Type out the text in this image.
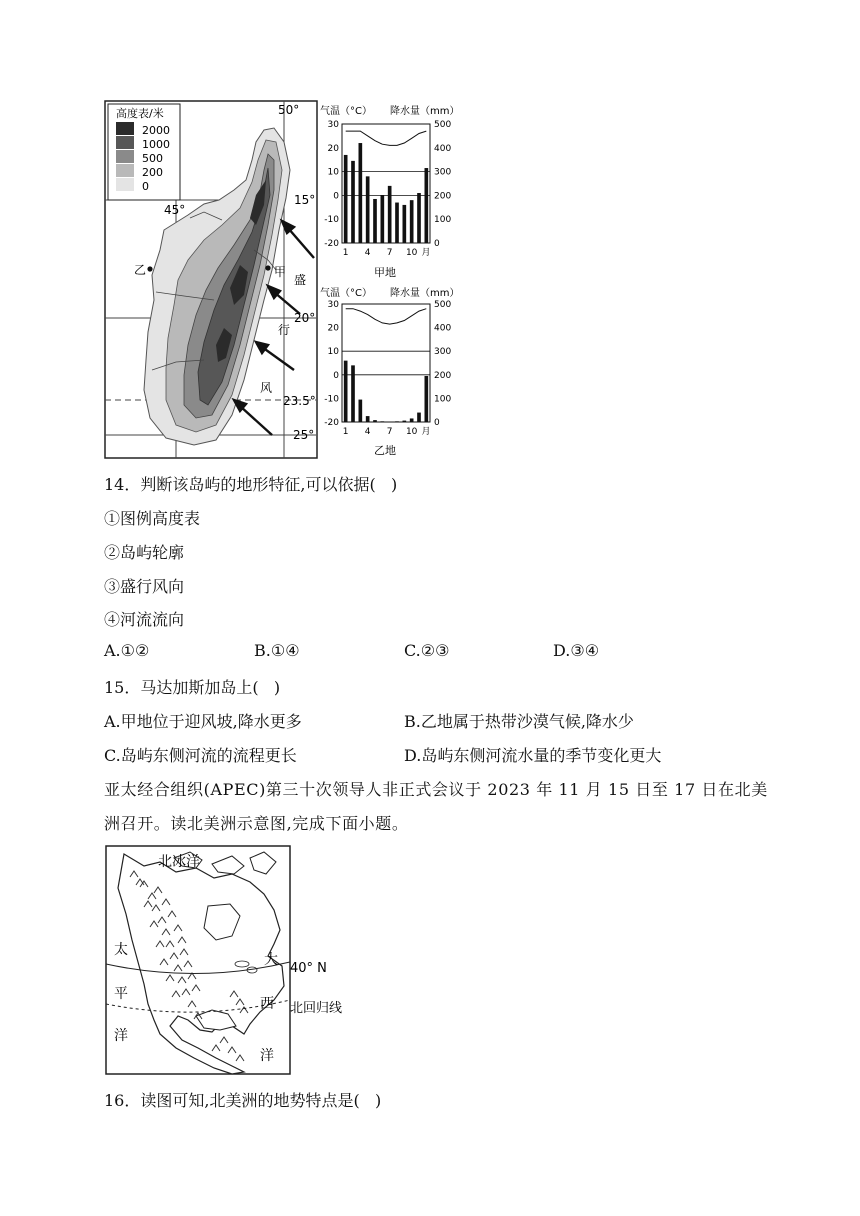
高度表/米
2000
1000
500
200
0
乙	甲
盛
行
风
50°
45°
15°
20°
23.5°
25°
气温（°C） 降水量（mm）
30
20
10
0
-10
-20
500
400
300
200
100
0
1 4 7 10 月
甲地
气温（°C） 降水量（mm）
30
20
10
0
-10
-20
500
400
300
200
100
0
1 4 7 10 月
乙地
14．判断该岛屿的地形特征,可以依据( )
①图例高度表
②岛屿轮廓
③盛行风向
④河流流向
A.①②	B.①④	C.②③	D.③④
15．马达加斯加岛上( )
A.甲地位于迎风坡,降水更多	B.乙地属于热带沙漠气候,降水少
C.岛屿东侧河流的流程更长	D.岛屿东侧河流水量的季节变化更大
亚太经合组织(APEC)第三十次领导人非正式会议于 2023 年 11 月 15 日至 17 日在北美
洲召开。读北美洲示意图,完成下面小题。
北冰洋
太
平
洋
大
西
洋
40° N
北回归线
16．读图可知,北美洲的地势特点是( )
